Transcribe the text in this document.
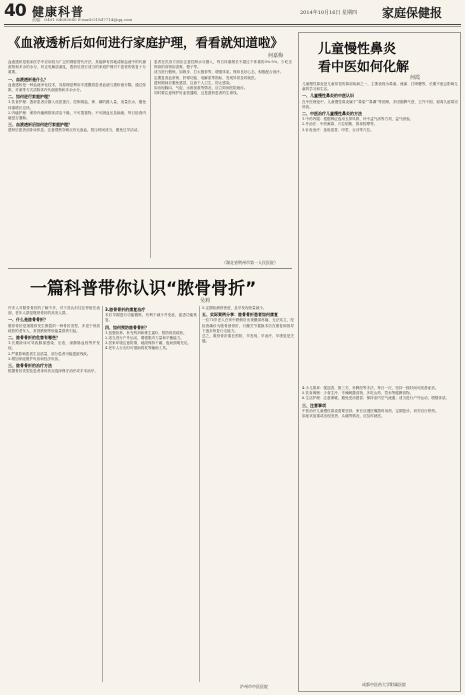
40 健康科普
责编：O491 84685040 E-mail:O1847714@qq.com
2014年10月16日 星期四 家庭保健报
《血液透析后如何进行家庭护理，看看就知道啦》
何嘉梅
血液透析是临床医学中应用较为广泛的肾脏替代疗法，其能够有效地清除血液中的代谢废物和多余的水分，纠正电解质紊乱，透析后进行适当的家庭护理对于患者的恢复十分重要。
一、血液透析是什么？
血液透析是一种血液净化技术，其原理是利用半透膜将患者血液与透析液分隔，通过弥散、对流等方式清除体内代谢废物和多余水分。
二、如何进行家庭护理？
1.饮食护理：透析患者应摄入优质蛋白，控制钠盐、钾、磷的摄入量，适量饮水，避免体重增长过快。
2.内瘘护理：保持内瘘侧肢体清洁干燥，不可提重物，不可测血压及输液，每日检查内瘘是否通畅。
三、血液透析后如何进行家庭护理？
透析后患者应卧床休息，注意观察穿刺点有无渗血，按压时间适当，避免过早活动。
患者在饮食方面应注意控制水分摄入，每日体重增长不超过干体重的3%-5%，少吃含钾高的食物如香蕉、橙子等。
适当进行锻炼，如散步、打太极拳等，增强体质。保持良好心态，积极配合治疗。
定期复查血常规、肝肾功能、电解质等指标，发现异常及时就医。
透析期间应避免感冒，注意个人卫生，防止感染。
如出现胸闷、气促、水肿加重等情况，应立即到医院就诊。
同时要注意保护好血管通路，这是透析患者的生命线。
（湖北省荆州市第一人民医院）
一篇科普带你认识“脓骨骨折”
吴莉
许多人对脓骨骨折的了解不多，对于其认识往往停留在表面，老年人群是脓骨骨折的高发人群。
一、什么是脓骨骨折？
脓骨骨折是指脓骨发生断裂的一种骨折类型，多见于骨质疏松的老年人，常因跌倒等低能量损伤引起。
二、脓骨骨折的危害有哪些？
1.长期卧床可导致肺部感染、压疮、深静脉血栓等并发症。
2.严重影响患者生活质量，部分患者可能遗留残疾。
3.增加家庭照护负担和经济负担。
三、脓骨骨折的治疗方法
根据骨折类型及患者身体状况选择保守治疗或手术治疗。
3.脓骨骨折的康复治疗
术后早期进行功能锻炼，有利于减少并发症，促进功能恢复。
四、如何预防脓骨骨折？
1.加强营养，补充钙剂和维生素D，预防骨质疏松。
2.适当进行户外运动，增强肌肉力量和平衡能力。
3.居家环境注意防滑，地面保持干燥，夜间照明充足。
4.老年人行走时可借助拐杖等辅助工具。
5.定期检测骨密度，及早发现骨量减少。
五、实际案例分享：脓骨骨折患者如何康复
一位75岁老人在家中跌倒后出现髋部疼痛，无法站立，经检查确诊为脓骨颈骨折，行髋关节置换术后在康复师指导下逐步恢复行走能力。
总之，脓骨骨折重在预防，早发现、早治疗、早康复是关键。
泸州市中医医院
儿童慢性鼻炎
看中医如何化解
何霞
儿童慢性鼻炎是儿童常见的鼻部疾病之一，主要表现为鼻塞、流涕、打喷嚏等，长期不愈会影响儿童的学习和生活。
一、儿童慢性鼻炎的中医认识
在中医理论中，儿童慢性鼻炎属于“鼻窒”“鼻渊”等范畴，多因肺脾气虚、卫外不固，邪毒久留鼻窍所致。
二、中医治疗儿童慢性鼻炎的方法
1.中药内服：根据辨证选用玉屏风散、补中益气汤等方剂，益气固表。
2.外治法：中药熏鼻、穴位贴敷、推拿按摩等。
3.针灸治疗：选取迎香、印堂、合谷等穴位。
4.小儿推拿：揉迎香、推三关、补脾经等手法，每日一次，坚持一段时间可改善症状。
5.饮食调理：少食生冷、辛辣刺激食物，多吃山药、薏米等健脾食物。
6.生活护理：注意保暖，避免受凉感冒；保持室内空气流通；适当进行户外运动，增强体质。
三、注意事项
中医治疗儿童慢性鼻炎需要坚持，家长应遵医嘱按时用药，定期复诊，切勿自行停药。
如症状加重或出现发热、头痛等情况，应及时就医。
成都中医药大学附属医院
